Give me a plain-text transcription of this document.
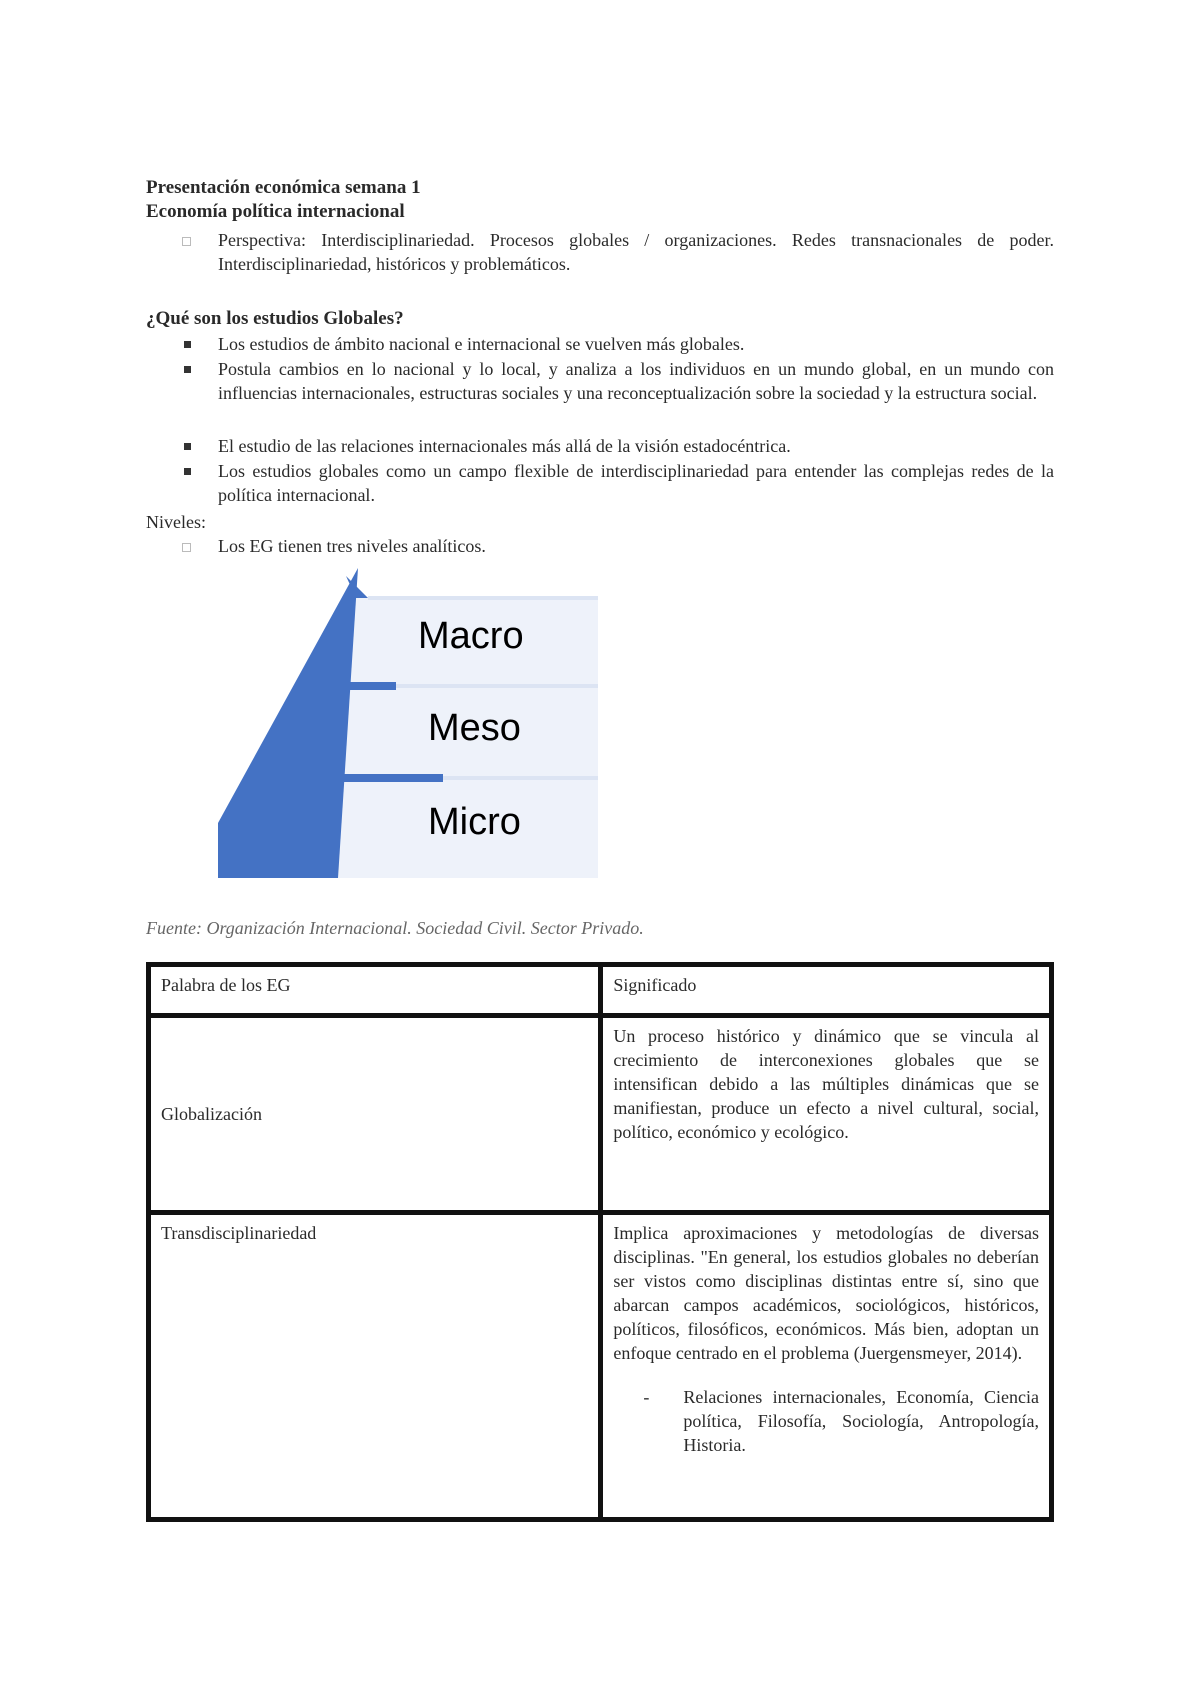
Presentación económica semana 1
Economía política internacional
Perspectiva: Interdisciplinariedad. Procesos globales / organizaciones. Redes transnacionales de poder. Interdisciplinariedad, históricos y problemáticos.
¿Qué son los estudios Globales?
Los estudios de ámbito nacional e internacional se vuelven más globales.
Postula cambios en lo nacional y lo local, y analiza a los individuos en un mundo global, en un mundo con influencias internacionales, estructuras sociales y una reconceptualización sobre la sociedad y la estructura social.
El estudio de las relaciones internacionales más allá de la visión estadocéntrica.
Los estudios globales como un campo flexible de interdisciplinariedad para entender las complejas redes de la política internacional.
Niveles:
Los EG tienen tres niveles analíticos.
Macro
Meso
Micro
Fuente: Organización Internacional. Sociedad Civil. Sector Privado.
Palabra de los EG	Significado
Globalización	Un proceso histórico y dinámico que se vincula al crecimiento de interconexiones globales que se intensifican debido a las múltiples dinámicas que se manifiestan, produce un efecto a nivel cultural, social, político, económico y ecológico.
Transdisciplinariedad	Implica aproximaciones y metodologías de diversas disciplinas. "En general, los estudios globales no deberían ser vistos como disciplinas distintas entre sí, sino que abarcan campos académicos, sociológicos, históricos, políticos, filosóficos, económicos. Más bien, adoptan un enfoque centrado en el problema (Juergensmeyer, 2014).
- Relaciones internacionales, Economía, Ciencia política, Filosofía, Sociología, Antropología, Historia.
